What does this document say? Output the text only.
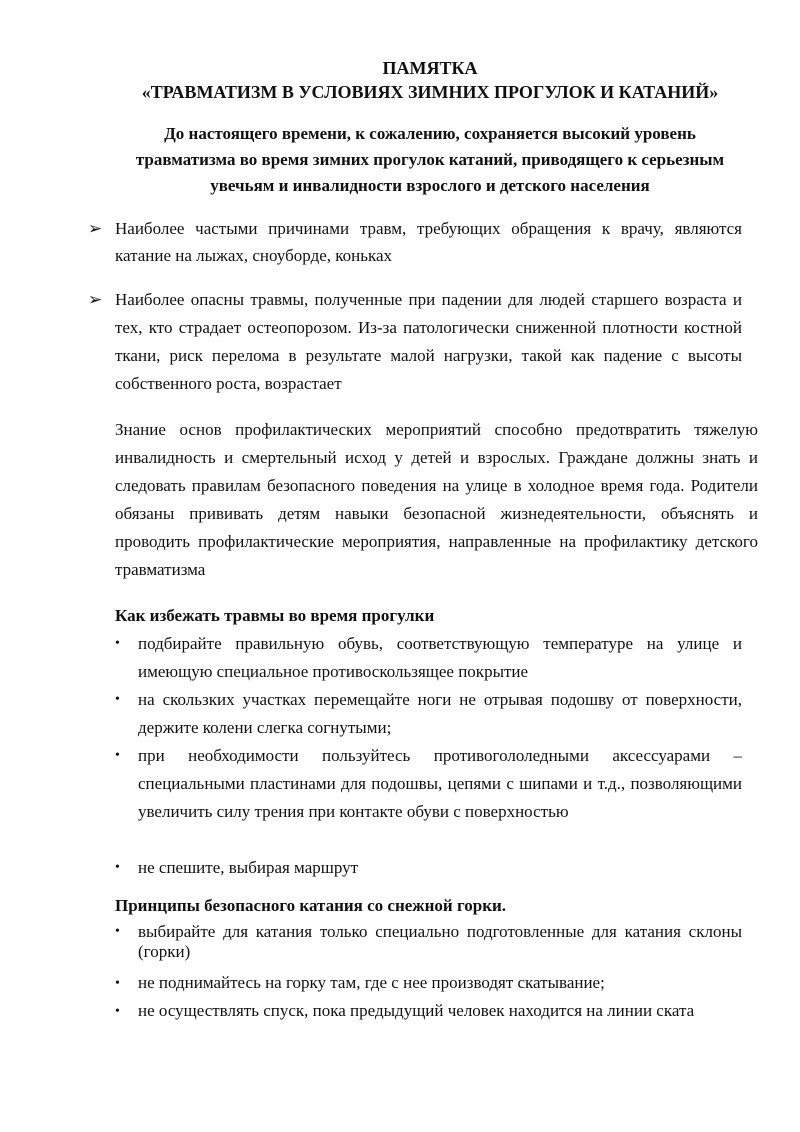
ПАМЯТКА
«ТРАВМАТИЗМ В УСЛОВИЯХ ЗИМНИХ ПРОГУЛОК И КАТАНИЙ»
До настоящего времени, к сожалению, сохраняется высокий уровень травматизма во время зимних прогулок катаний, приводящего к серьезным увечьям и инвалидности взрослого и детского населения
➢ Наиболее частыми причинами травм, требующих обращения к врачу, являются катание на лыжах, сноуборде, коньках
➢ Наиболее опасны травмы, полученные при падении для людей старшего возраста и тех, кто страдает остеопорозом. Из-за патологически сниженной плотности костной ткани, риск перелома в результате малой нагрузки, такой как падение с высоты собственного роста, возрастает
Знание основ профилактических мероприятий способно предотвратить тяжелую инвалидность и смертельный исход у детей и взрослых. Граждане должны знать и следовать правилам безопасного поведения на улице в холодное время года. Родители обязаны прививать детям навыки безопасной жизнедеятельности, объяснять и проводить профилактические мероприятия, направленные на профилактику детского травматизма
Как избежать травмы во время прогулки
• подбирайте правильную обувь, соответствующую температуре на улице и имеющую специальное противоскользящее покрытие
• на скользких участках перемещайте ноги не отрывая подошву от поверхности, держите колени слегка согнутыми;
• при необходимости пользуйтесь противогололедными аксессуарами – специальными пластинами для подошвы, цепями с шипами и т.д., позволяющими увеличить силу трения при контакте обуви с поверхностью
• не спешите, выбирая маршрут
Принципы безопасного катания со снежной горки.
• выбирайте для катания только специально подготовленные для катания склоны (горки)
• не поднимайтесь на горку там, где с нее производят скатывание;
• не осуществлять спуск, пока предыдущий человек находится на линии ската
